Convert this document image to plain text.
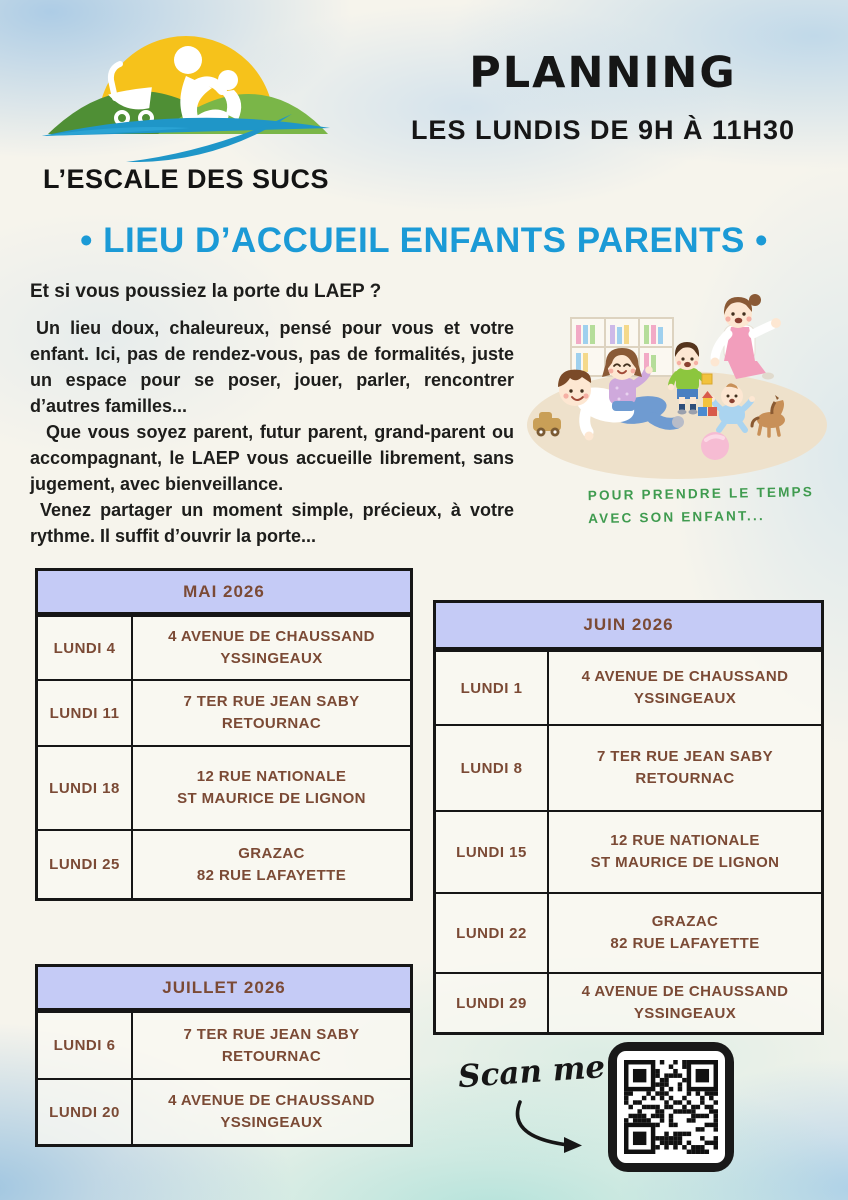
L’ESCALE DES SUCS
PLANNING
LES LUNDIS DE 9H À 11H30
• LIEU D’ACCUEIL ENFANTS PARENTS •
Et si vous poussiez la porte du LAEP ?

Un lieu doux, chaleureux, pensé pour vous et votre enfant. Ici, pas de rendez-vous, pas de formalités, juste un espace pour se poser, jouer, parler, rencontrer d’autres familles...

Que vous soyez parent, futur parent, grand-parent ou accompagnant, le LAEP vous accueille librement, sans jugement, avec bienveillance.

Venez partager un moment simple, précieux, à votre rythme. Il suffit d’ouvrir la porte...

POUR PRENDRE LE TEMPS
AVEC SON ENFANT...
MAI 2026
LUNDI 4
4 AVENUE DE CHAUSSAND
YSSINGEAUX
LUNDI 11
7 TER RUE JEAN SABY
RETOURNAC
LUNDI 18
12 RUE NATIONALE
ST MAURICE DE LIGNON
LUNDI 25
GRAZAC
82 RUE LAFAYETTE
JUIN 2026
LUNDI 1
4 AVENUE DE CHAUSSAND
YSSINGEAUX
LUNDI 8
7 TER RUE JEAN SABY
RETOURNAC
LUNDI 15
12 RUE NATIONALE
ST MAURICE DE LIGNON
LUNDI 22
GRAZAC
82 RUE LAFAYETTE
LUNDI 29
4 AVENUE DE CHAUSSAND
YSSINGEAUX
JUILLET 2026
LUNDI 6
7 TER RUE JEAN SABY
RETOURNAC
LUNDI 20
4 AVENUE DE CHAUSSAND
YSSINGEAUX
Scan me
